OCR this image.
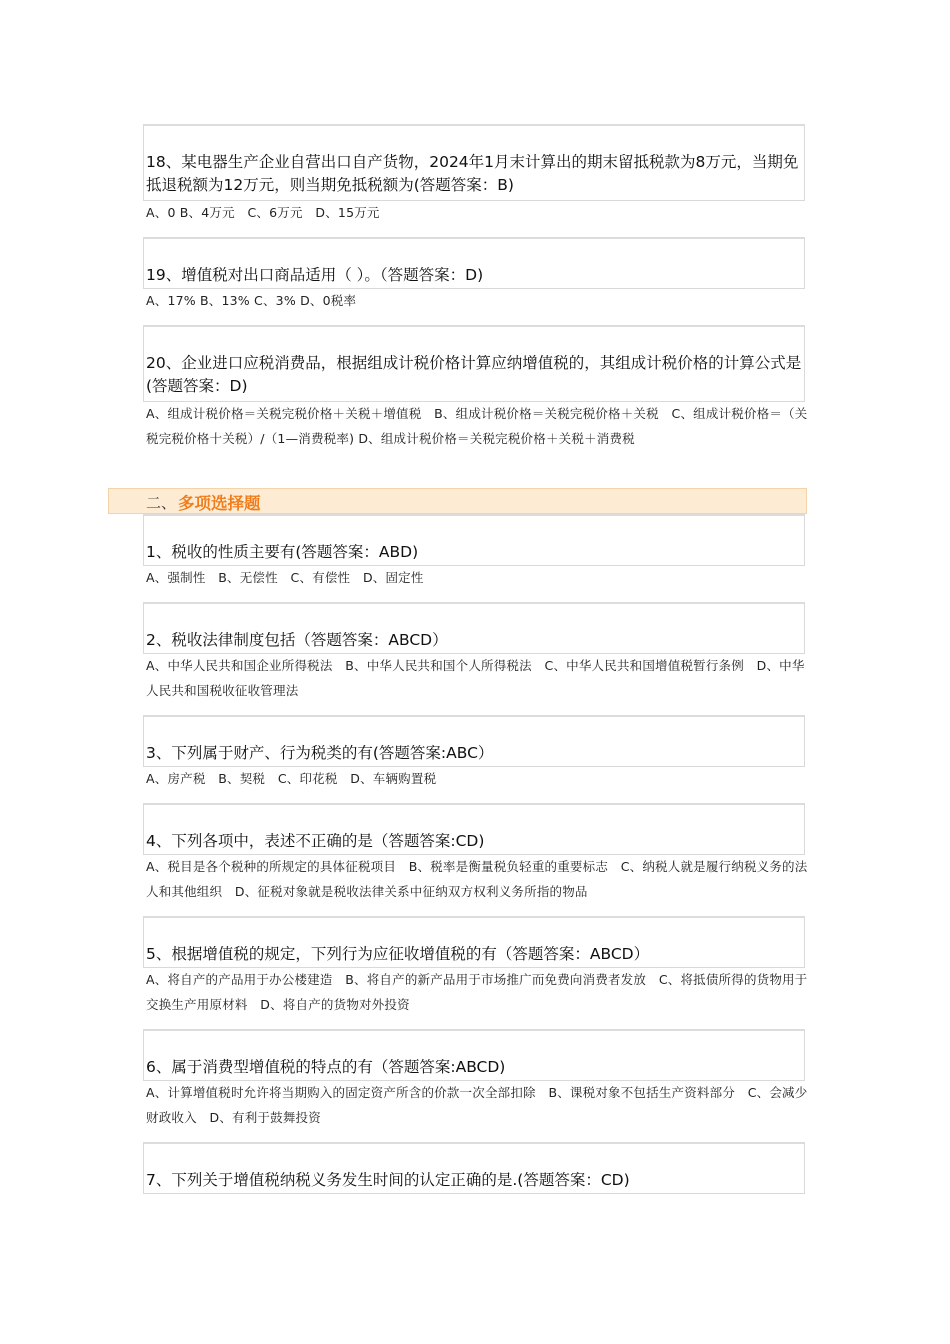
18、某电器生产企业自营出口自产货物，2024年1月末计算出的期末留抵税款为8万元，当期免抵退税额为12万元，则当期免抵税额为(答题答案：B)

A、0 B、4万元　C、6万元　D、15万元

19、增值税对出口商品适用（ ）。（答题答案：D)

A、17% B、13% C、3% D、0税率

20、企业进口应税消费品，根据组成计税价格计算应纳增值税的，其组成计税价格的计算公式是(答题答案：D)

A、组成计税价格＝关税完税价格＋关税＋增值税　B、组成计税价格＝关税完税价格＋关税　C、组成计税价格＝（关税完税价格十关税）/（1—消费税率) D、组成计税价格＝关税完税价格＋关税＋消费税

二、 多项选择题

1、税收的性质主要有(答题答案：ABD)

A、强制性　B、无偿性　C、有偿性　D、固定性

2、税收法律制度包括（答题答案：ABCD）

A、中华人民共和国企业所得税法　B、中华人民共和国个人所得税法　C、中华人民共和国增值税暂行条例　D、中华人民共和国税收征收管理法

3、下列属于财产、行为税类的有(答题答案:ABC）

A、房产税　B、契税　C、印花税　D、车辆购置税

4、下列各项中，表述不正确的是（答题答案:CD)

A、税目是各个税种的所规定的具体征税项目　B、税率是衡量税负轻重的重要标志　C、纳税人就是履行纳税义务的法人和其他组织　D、征税对象就是税收法律关系中征纳双方权利义务所指的物品

5、根据增值税的规定，下列行为应征收增值税的有（答题答案：ABCD）

A、将自产的产品用于办公楼建造　B、将自产的新产品用于市场推广而免费向消费者发放　C、将抵债所得的货物用于交换生产用原材料　D、将自产的货物对外投资

6、属于消费型增值税的特点的有（答题答案:ABCD)

A、计算增值税时允许将当期购入的固定资产所含的价款一次全部扣除　B、课税对象不包括生产资料部分　C、会减少财政收入　D、有利于鼓舞投资

7、下列关于增值税纳税义务发生时间的认定正确的是.(答题答案：CD)
